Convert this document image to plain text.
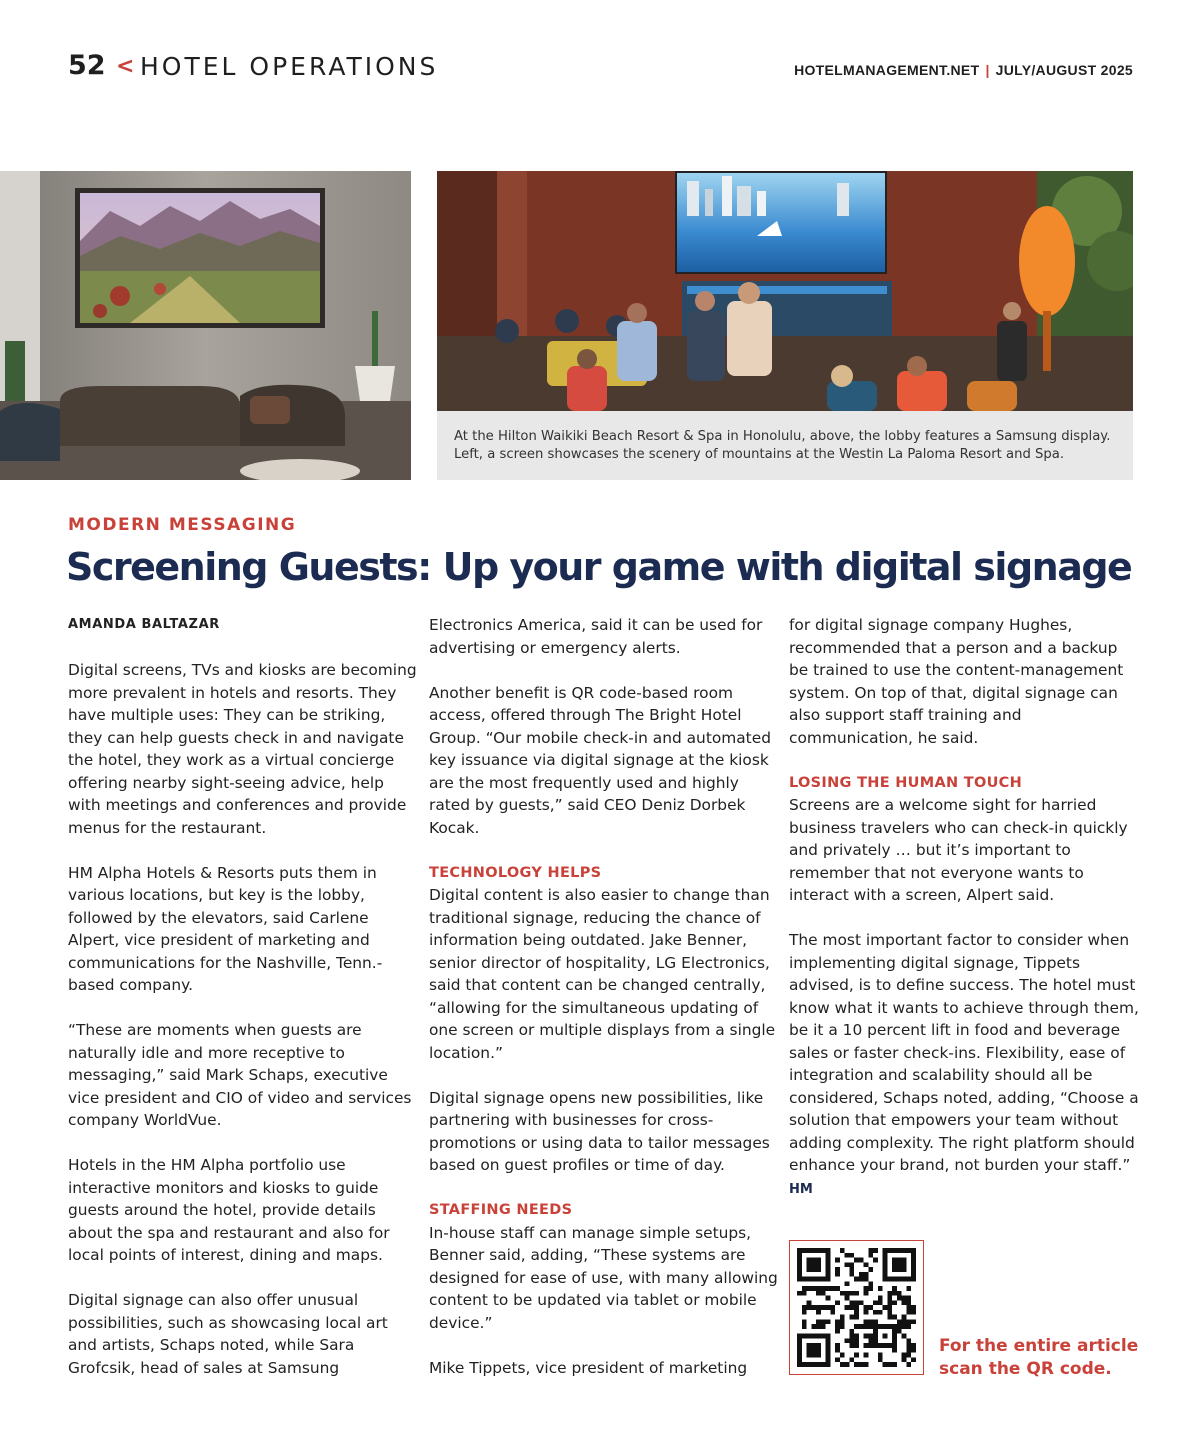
52 < HOTEL OPERATIONS	HOTELMANAGEMENT.NET | JULY/AUGUST 2025
At the Hilton Waikiki Beach Resort & Spa in Honolulu, above, the lobby features a Samsung display. Left, a screen showcases the scenery of mountains at the Westin La Paloma Resort and Spa.
MODERN MESSAGING
Screening Guests: Up your game with digital signage

AMANDA BALTAZAR

Digital screens, TVs and kiosks are becoming more prevalent in hotels and resorts. They have multiple uses: They can be striking, they can help guests check in and navigate the hotel, they work as a virtual concierge offering nearby sight-seeing advice, help with meetings and conferences and provide menus for the restaurant.

HM Alpha Hotels & Resorts puts them in various locations, but key is the lobby, followed by the elevators, said Carlene Alpert, vice president of marketing and communications for the Nashville, Tenn.-based company.

“These are moments when guests are naturally idle and more receptive to messaging,” said Mark Schaps, executive vice president and CIO of video and services company WorldVue.

Hotels in the HM Alpha portfolio use interactive monitors and kiosks to guide guests around the hotel, provide details about the spa and restaurant and also for local points of interest, dining and maps.

Digital signage can also offer unusual possibilities, such as showcasing local art and artists, Schaps noted, while Sara Grofcsik, head of sales at Samsung

Electronics America, said it can be used for advertising or emergency alerts.

Another benefit is QR code-based room access, offered through The Bright Hotel Group. “Our mobile check-in and automated key issuance via digital signage at the kiosk are the most frequently used and highly rated by guests,” said CEO Deniz Dorbek Kocak.

TECHNOLOGY HELPS
Digital content is also easier to change than traditional signage, reducing the chance of information being outdated. Jake Benner, senior director of hospitality, LG Electronics, said that content can be changed centrally, “allowing for the simultaneous updating of one screen or multiple displays from a single location.”

Digital signage opens new possibilities, like partnering with businesses for cross-promotions or using data to tailor messages based on guest profiles or time of day.

STAFFING NEEDS
In-house staff can manage simple setups, Benner said, adding, “These systems are designed for ease of use, with many allowing content to be updated via tablet or mobile device.”

Mike Tippets, vice president of marketing

for digital signage company Hughes, recommended that a person and a backup be trained to use the content-management system. On top of that, digital signage can also support staff training and communication, he said.

LOSING THE HUMAN TOUCH
Screens are a welcome sight for harried business travelers who can check-in quickly and privately … but it’s important to remember that not everyone wants to interact with a screen, Alpert said.

The most important factor to consider when implementing digital signage, Tippets advised, is to define success. The hotel must know what it wants to achieve through them, be it a 10 percent lift in food and beverage sales or faster check-ins. Flexibility, ease of integration and scalability should all be considered, Schaps noted, adding, “Choose a solution that empowers your team without adding complexity. The right platform should enhance your brand, not burden your staff.” HM

For the entire article scan the QR code.
